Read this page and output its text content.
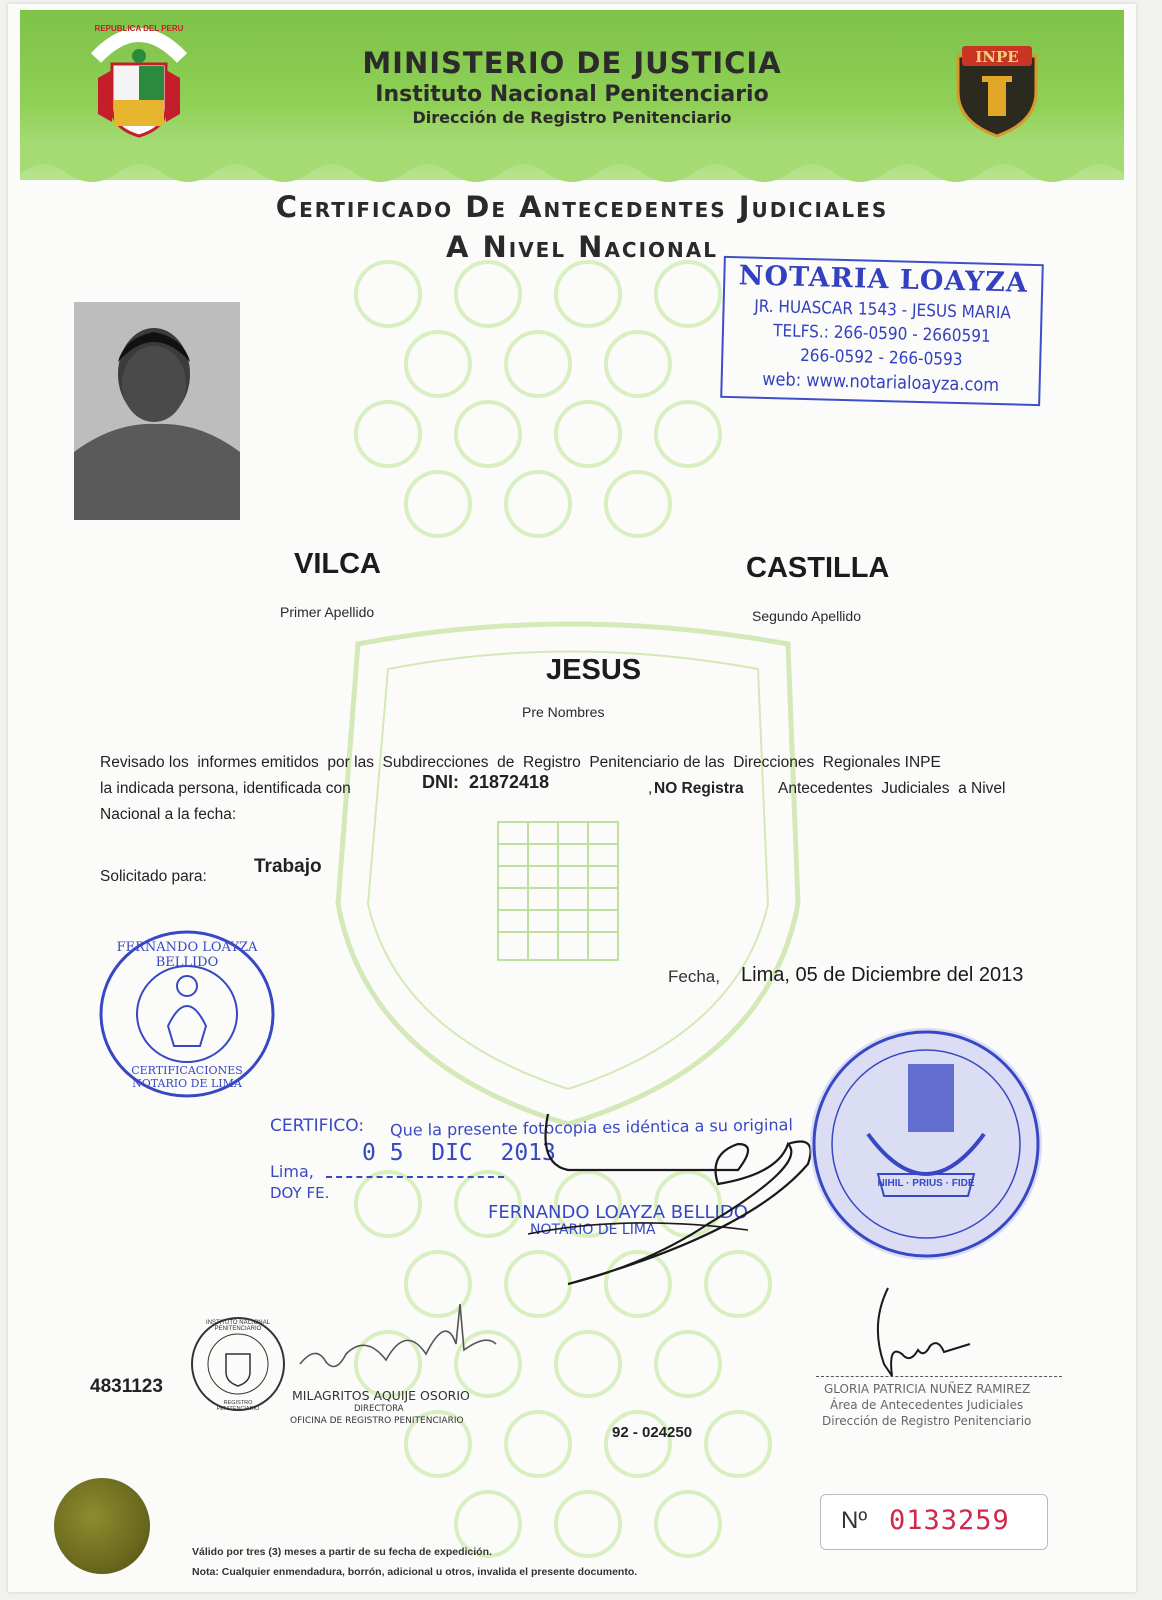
REPUBLICA DEL PERU
INPE
MINISTERIO DE JUSTICIA
Instituto Nacional Penitenciario
Dirección de Registro Penitenciario
Certificado De Antecedentes Judiciales
A Nivel Nacional
NOTARIA LOAYZA
JR. HUASCAR 1543 - JESUS MARIA
TELFS.: 266-0590 - 2660591
266-0592 - 266-0593
web: www.notarialoayza.com
VILCA
Primer Apellido
CASTILLA
Segundo Apellido
JESUS
Pre Nombres
Revisado los  informes emitidos  por las  Subdirecciones  de  Registro  Penitenciario de las  Direcciones  Regionales INPE
la indicada persona, identificada con	DNI:  21872418	, NO Registra Antecedentes  Judiciales  a Nivel
Nacional a la fecha:
Solicitado para: Trabajo
FERNANDO LOAYZA BELLIDO
CERTIFICACIONES NOTARIO DE LIMA
Fecha, Lima, 05 de Diciembre del 2013
CERTIFICO: Que la presente fotocopia es idéntica a su original
Lima,
0 5  DIC  2013
DOY FE.
FERNANDO LOAYZA BELLIDO
NOTARIO DE LIMA
NIHIL · PRIUS · FIDE
INSTITUTO NACIONAL PENITENCIARIO
REGISTRO PENITENCIARIO
MILAGRITOS AQUIJE OSORIO
DIRECTORA
OFICINA DE REGISTRO PENITENCIARIO
GLORIA PATRICIA NUÑEZ RAMIREZ
Área de Antecedentes Judiciales
Dirección de Registro Penitenciario
4831123
92 - 024250
Nº 0133259
Válido por tres (3) meses a partir de su fecha de expedición.
Nota: Cualquier enmendadura, borrón, adicional u otros, invalida el presente documento.
